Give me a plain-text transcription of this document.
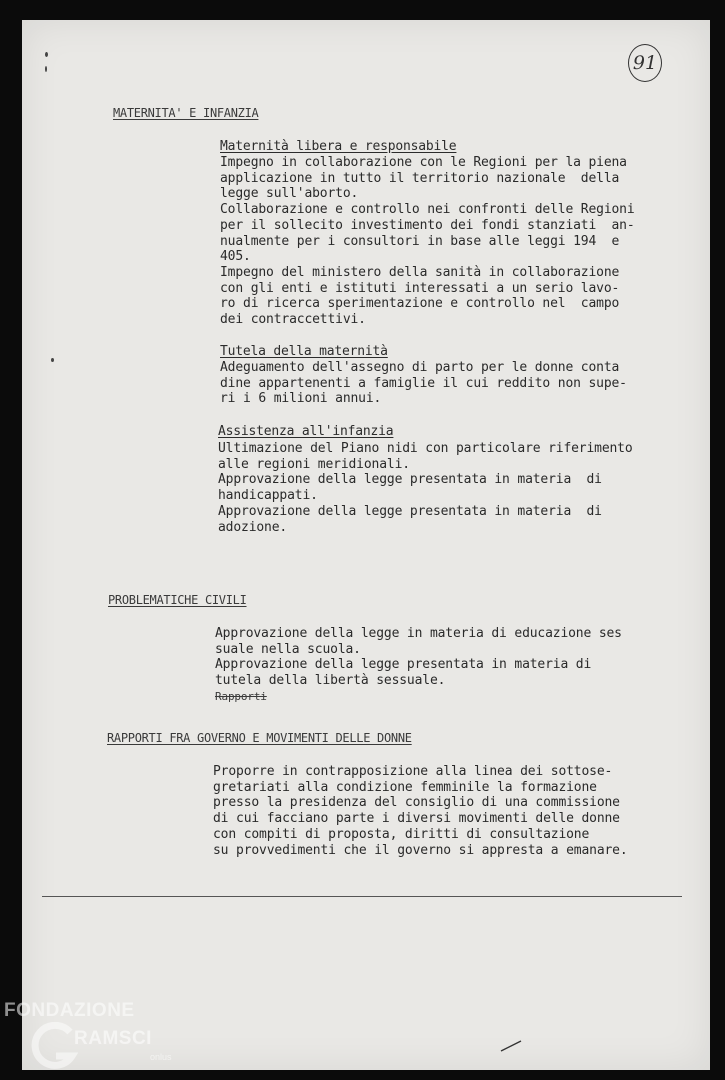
91
MATERNITA' E INFANZIA
Maternità libera e responsabile
Impegno in collaborazione con le Regioni per la piena
applicazione in tutto il territorio nazionale  della
legge sull'aborto.
Collaborazione e controllo nei confronti delle Regioni
per il sollecito investimento dei fondi stanziati  an-
nualmente per i consultori in base alle leggi 194  e
405.
Impegno del ministero della sanità in collaborazione
con gli enti e istituti interessati a un serio lavo-
ro di ricerca sperimentazione e controllo nel  campo
dei contraccettivi.
Tutela della maternità
Adeguamento dell'assegno di parto per le donne conta
dine appartenenti a famiglie il cui reddito non supe-
ri i 6 milioni annui.
Assistenza all'infanzia
Ultimazione del Piano nidi con particolare riferimento
alle regioni meridionali.
Approvazione della legge presentata in materia  di
handicappati.
Approvazione della legge presentata in materia  di
adozione.
PROBLEMATICHE CIVILI
Approvazione della legge in materia di educazione ses
suale nella scuola.
Approvazione della legge presentata in materia di
tutela della libertà sessuale.
Rapporti
RAPPORTI FRA GOVERNO E MOVIMENTI DELLE DONNE
Proporre in contrapposizione alla linea dei sottose-
gretariati alla condizione femminile la formazione
presso la presidenza del consiglio di una commissione
di cui facciano parte i diversi movimenti delle donne
con compiti di proposta, diritti di consultazione
su provvedimenti che il governo si appresta a emanare.
FONDAZIONE
RAMSCI
onlus
